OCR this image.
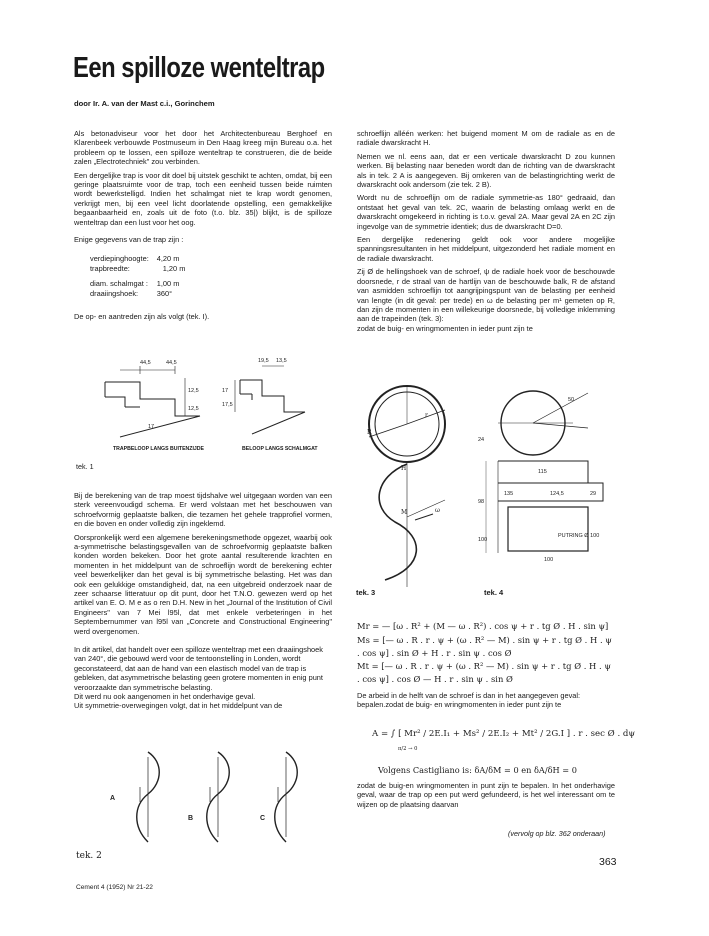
Een spilloze wenteltrap
door Ir. A. van der Mast c.i., Gorinchem

Als betonadviseur voor het door het Architectenbureau Berghoef en Klarenbeek verbouwde Postmuseum in Den Haag kreeg mijn Bureau o.a. het probleem op te lossen, een spilloze wenteltrap te construeren, die de beide zalen „Electrotechniek" zou verbinden.

Een dergelijke trap is voor dit doel bij uitstek geschikt te achten, omdat, bij een geringe plaatsruimte voor de trap, toch een eenheid tussen beide ruimten wordt bewerkstelligd. Indien het schalmgat niet te krap wordt genomen, verkrijgt men, bij een veel licht doorlatende opstelling, een gemakkelijke begaanbaarheid en, zoals uit de foto (t.o. blz. 35|) blijkt, is de spilloze wenteltrap dan een lust voor het oog.

Enige gegevens van de trap zijn :

verdiepinghoogte:	4,20 m
trapbreedte:	1,20 m

diam. schalmgat :	1,00 m
draaiingshoek:	360°

De op- en aantreden zijn als volgt (tek. I).

44,5	44,5
12,5
12,5
17
19,5 13,5
17
17,5
TRAPBELOOP LANGS BUITENZIJDE	BELOOP LANGS SCHALMGAT
tek. 1

Bij de berekening van de trap moest tijdshalve wel uitgegaan worden van een sterk vereenvoudigd schema. Er werd volstaan met het beschouwen van schroefvormig geplaatste balken, die tezamen het gehele trapprofiel vormen, en die boven en onder volledig zijn ingeklemd.

Oorspronkelijk werd een algemene berekeningsmethode opgezet, waarbij ook a-symmetrische belastingsgevallen van de schroefvormig geplaatste balken konden worden bekeken. Door het grote aantal resulterende krachten en momenten in het middelpunt van de schroeflijn wordt de berekening echter veel bewerkelijker dan het geval is bij symmetrische belasting. Het was dan ook een gelukkige omstandigheid, dat, na een uitgebreid onderzoek naar de zeer schaarse litteratuur op dit punt, door het T.N.O. gewezen werd op het artikel van E. O. M e as o ren D.H. New in het „Journal of the Institution of Civil Engineers" van 7 Mei l95l, dat met enkele verbeteringen in het Septembernummer van l95l van „Concrete and Constructional Engineering" werd overgenomen.

In dit artikel, dat handelt over een spilloze wenteltrap met een draaiingshoek van 240°, die gebouwd werd voor de tentoonstelling in Londen, wordt geconstateerd, dat aan de hand van een elastisch model van de trap is gebleken, dat asymmetrische belasting geen grotere momenten in enig punt veroorzaakte dan symmetrische belasting.

Dit werd nu ook aangenomen in het onderhavige geval.

Uit symmetrie-overwegingen volgt, dat in het middelpunt van de

A
B	C
tek. 2

schroeflijn alléén werken: het buigend moment M om de radiale as en de radiale dwarskracht H.

Nemen we nl. eens aan, dat er een verticale dwarskracht D zou kunnen werken. Bij belasting naar beneden wordt dan de richting van de dwarskracht als in tek. 2 A is aangegeven. Bij omkeren van de belastingrichting werkt de dwarskracht ook andersom (zie tek. 2 B).

Wordt nu de schroeflijn om de radiale symmetrie-as 180° gedraaid, dan ontstaat het geval van tek. 2C, waarin de belasting omlaag werkt en de dwarskracht omgekeerd in richting is t.o.v. geval 2A. Maar geval 2A en 2C zijn ingevolge van de symmetrie identiek; dus de dwarskracht D=0.

Een dergelijke redenering geldt ook voor andere mogelijke spanningsresultanten in het middelpunt, uitgezonderd het radiale moment en de radiale dwarskracht.

Zij Ø de hellingshoek van de schroef, ψ de radiale hoek voor de beschouwde doorsnede, r de straal van de hartlijn van de beschouwde balk, R de afstand van asmidden schroeflijn tot aangrijpingspunt van de belasting per eenheid van lengte (in dit geval: per trede) en ω de belasting per m¹ gemeten op R, dan zijn de momenten in een willekeurige doorsnede, bij volledige inklemming aan de trapeinden (tek. 3):

zodat de buig- en wringmomenten in ieder punt zijn te

r
H
R
M	ω
tek. 3
115
135	124,5	29
98
24
50
100
100
PUTRING Ø 100
tek. 4
Mr = — [ω . R² + (M — ω . R²) . cos ψ + r . tg Ø . H . sin ψ]
Ms = [— ω . R . r . ψ + (ω . R² — M) . sin ψ + r . tg Ø . H . ψ . cos ψ] . sin Ø + H . r . sin ψ . cos Ø
Mt = [— ω . R . r . ψ + (ω . R² — M) . sin ψ + r . tg Ø . H . ψ . cos ψ] . cos Ø — H . r . sin ψ . sin Ø

De arbeid in de helft van de schroef is dan in het aangegeven geval:

bepalen.zodat de buig- en wringmomenten in ieder punt zijn te

A = ∫ [ Mr² / 2E.I₁ + Ms² / 2E.I₂ + Mt² / 2G.I ] . r . sec Ø . dψ
π/2 → 0
Volgens Castigliano is: δA/δM = 0 en δA/δH = 0

zodat de buig-en wringmomenten in punt zijn te bepalen. In het onderhavige geval, waar de trap op een put werd gefundeerd, is het wel interessant om te wijzen op de plaatsing daarvan

(vervolg op blz. 362 onderaan)
363
Cement 4 (1952) Nr 21-22
